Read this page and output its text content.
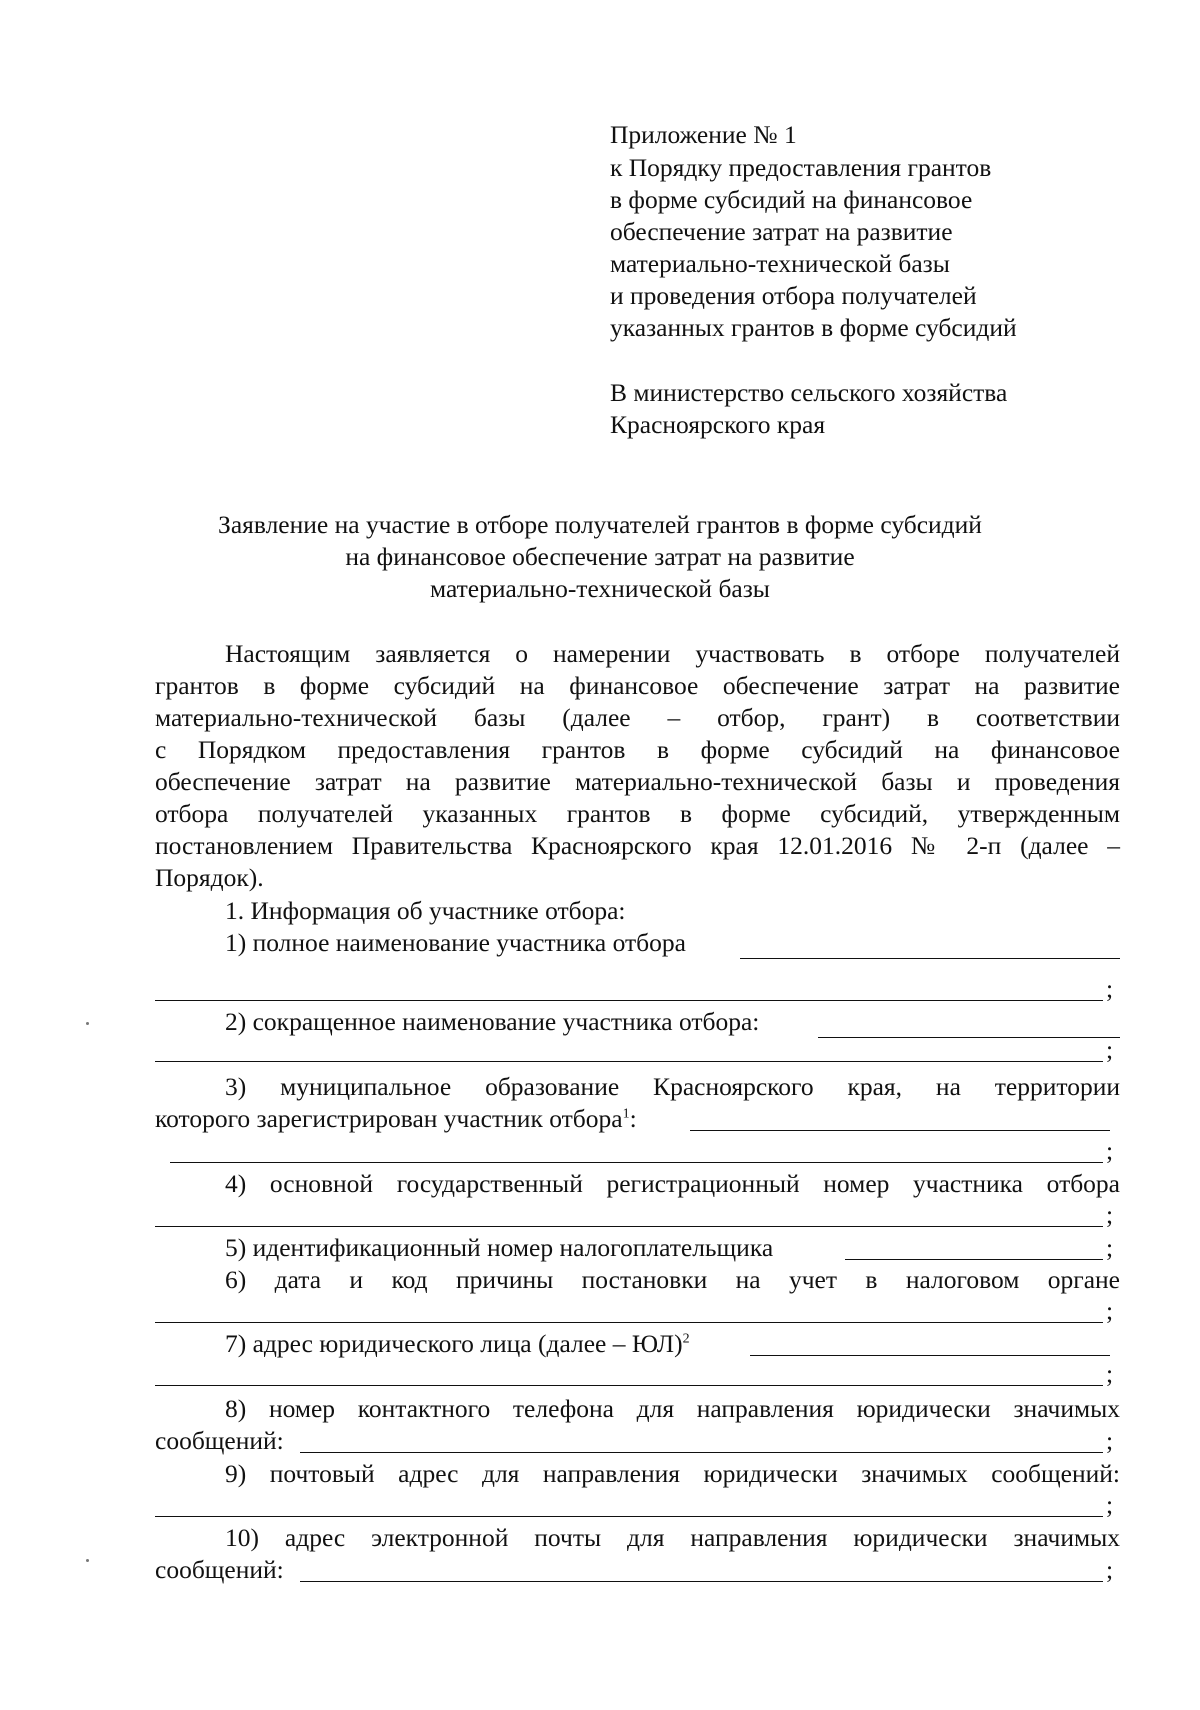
Приложение № 1
к Порядку предоставления грантов
в форме субсидий на финансовое
обеспечение затрат на развитие
материально-технической базы
и проведения отбора получателей
указанных грантов в форме субсидий
В министерство сельского хозяйства
Красноярского края
Заявление на участие в отборе получателей грантов в форме субсидий
на финансовое обеспечение затрат на развитие
материально-технической базы
Настоящим заявляется о намерении участвовать в отборе получателей
грантов в форме субсидий на финансовое обеспечение затрат на развитие
материально-технической базы (далее – отбор, грант) в соответствии
с Порядком предоставления грантов в форме субсидий на финансовое
обеспечение затрат на развитие материально-технической базы и проведения
отбора получателей указанных грантов в форме субсидий, утвержденным
постановлением Правительства Красноярского края 12.01.2016 № 2-п (далее –
Порядок).
1. Информация об участнике отбора:
1) полное наименование участника отбора
;
2) сокращенное наименование участника отбора:
;
3) муниципальное образование Красноярского края, на территории
которого зарегистрирован участник отбора$^1$:
;
4) основной государственный регистрационный номер участника отбора
;
5) идентификационный номер налогоплательщика	;
6) дата и код причины постановки на учет в налоговом органе
;
7) адрес юридического лица (далее – ЮЛ)$^2$
;
8) номер контактного телефона для направления юридически значимых
сообщений:	;
9) почтовый адрес для направления юридически значимых сообщений:
;
10) адрес электронной почты для направления юридически значимых
сообщений:	;
